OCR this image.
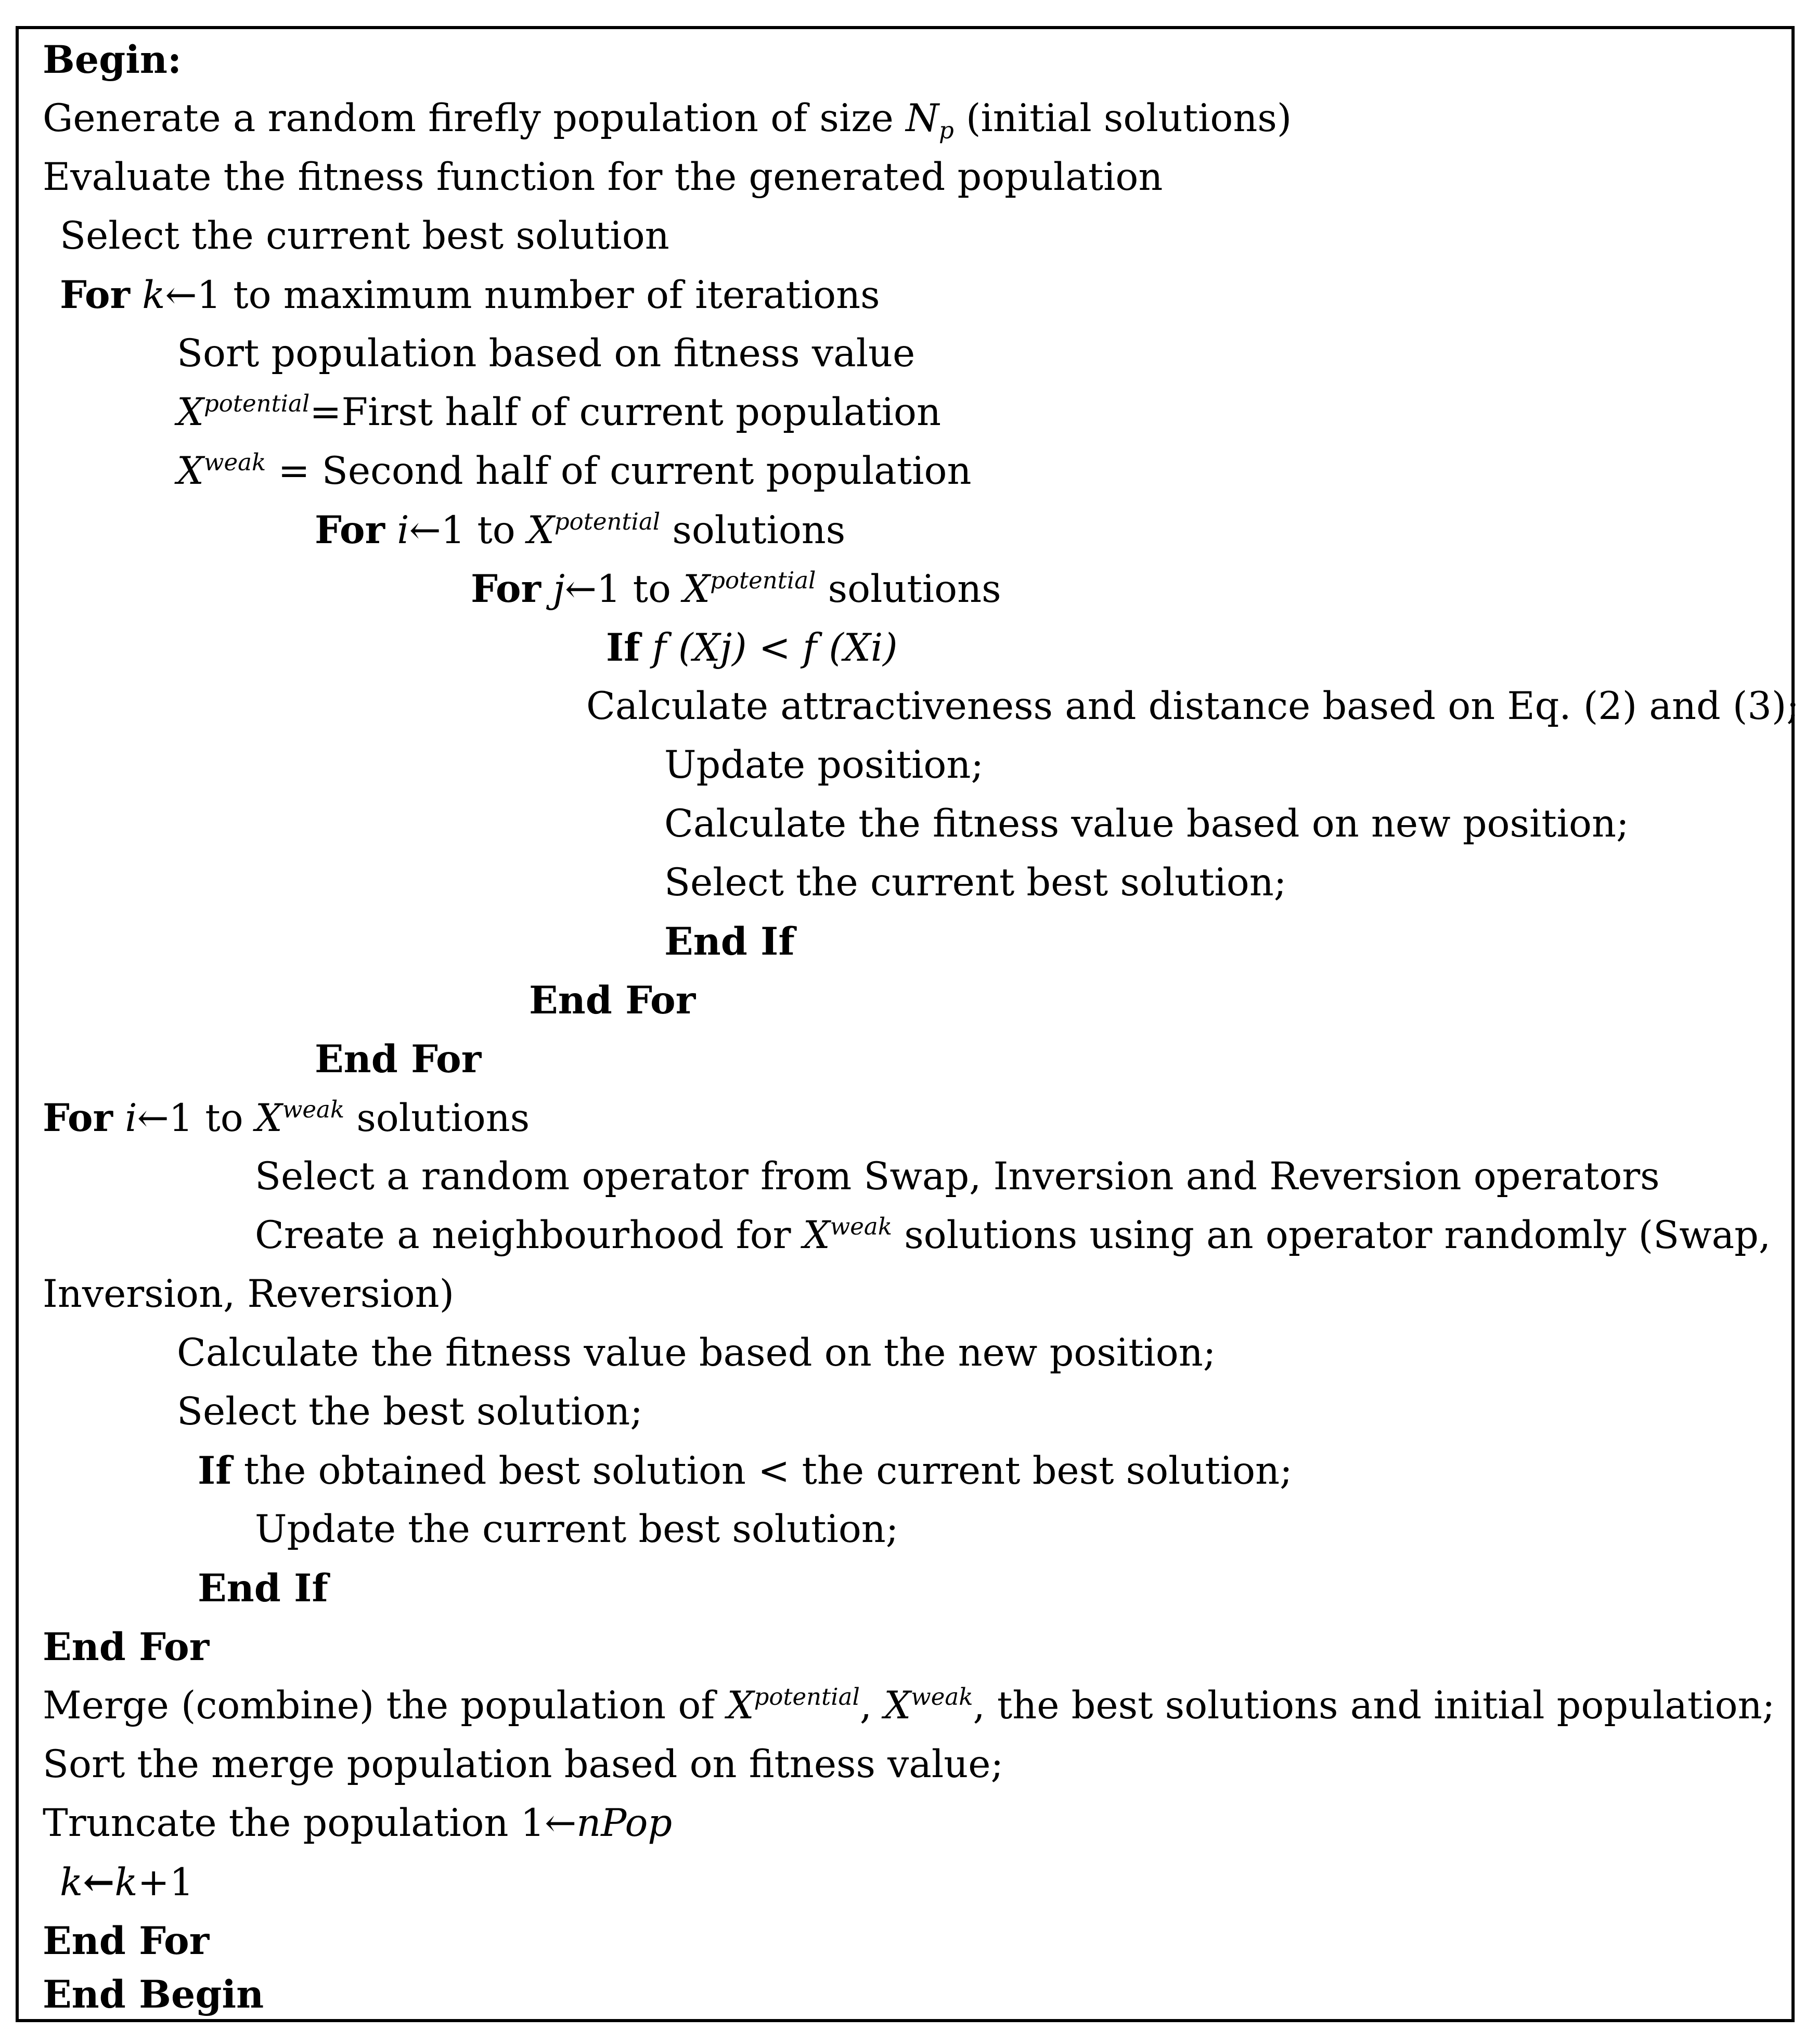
Begin:
Generate a random firefly population of size $N_p$ (initial solutions)
Evaluate the fitness function for the generated population
Select the current best solution
For k←1 to maximum number of iterations
Sort population based on fitness value
$X^{potential}=First$ half of current population
$X^{weak}$ = Second half of current population
For i←1 to $X^{potential}$ solutions
For j←1 to $X^{potential}$ solutions
If f (Xj) < f (Xi)
Calculate attractiveness and distance based on Eq. (2) and (3);
Update position;
Calculate the fitness value based on new position;
Select the current best solution;
End If
End For
End For
For i←1 to $X^{weak}$ solutions
Select a random operator from Swap, Inversion and Reversion operators
Create a neighbourhood for $X^{weak}$ solutions using an operator randomly (Swap,
Inversion, Reversion)
Calculate the fitness value based on the new position;
Select the best solution;
If the obtained best solution < the current best solution;
Update the current best solution;
End If
End For
Merge (combine) the population of $X^{potential}$, $X^{weak}$, the best solutions and initial population;
Sort the merge population based on fitness value;
Truncate the population 1←nPop
k←k+1
End For
End Begin
